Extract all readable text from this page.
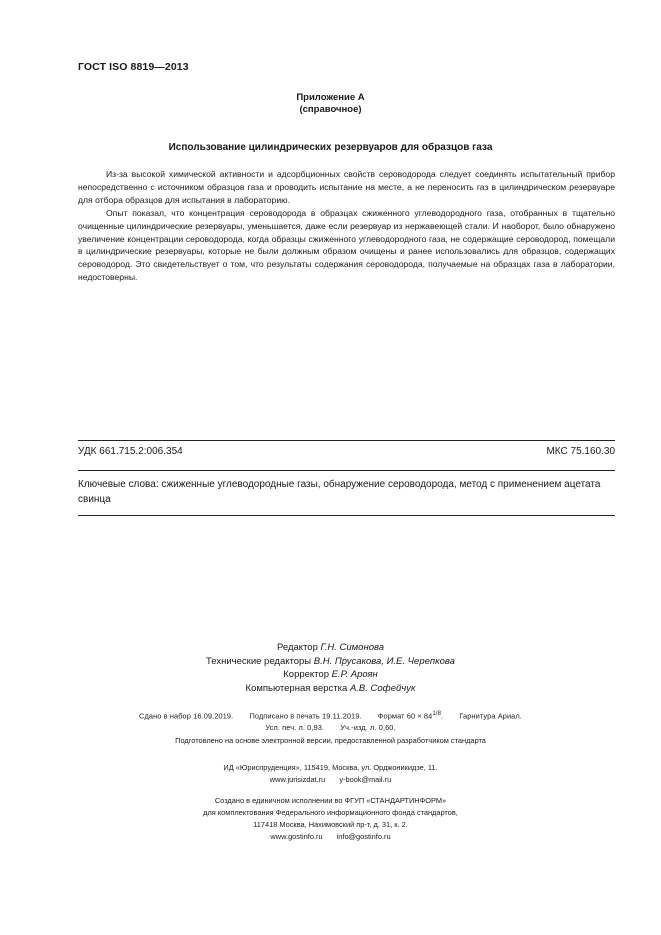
ГОСТ ISO 8819—2013
Приложение А
(справочное)
Использование цилиндрических резервуаров для образцов газа

Из-за высокой химической активности и адсорбционных свойств сероводорода следует соединять испытательный прибор непосредственно с источником образцов газа и проводить испытание на месте, а не переносить газ в цилиндрическом резервуаре для отбора образцов для испытания в лабораторию.

Опыт показал, что концентрация сероводорода в образцах сжиженного углеводородного газа, отобранных в тщательно очищенные цилиндрические резервуары, уменьшается, даже если резервуар из нержавеющей стали. И наоборот, было обнаружено увеличение концентрации сероводорода, когда образцы сжиженного углеводородного газа, не содержащие сероводород, помещали в цилиндрические резервуары, которые не были должным образом очищены и ранее использовались для образцов, содержащих сероводород. Это свидетельствует о том, что результаты содержания сероводорода, получаемые на образцах газа в лаборатории, недостоверны.

УДК 661.715.2:006.354	МКС 75.160.30
Ключевые слова: сжиженные углеводородные газы, обнаружение сероводорода, метод с применением ацетата свинца
Редактор Г.Н. Симонова
Технические редакторы В.Н. Прусакова, И.Е. Черепкова
Корректор Е.Р. Ароян
Компьютерная верстка А.В. Софейчук
Сдано в набор 16.09.2019. Подписано в печать 19.11.2019. Формат $60 \times 84^{1/8}$. Гарнитура Ариал.
Усл. печ. л. 0,93. Уч.-изд. л. 0,60.
Подготовлено на основе электронной версии, предоставленной разработчиком стандарта
ИД «Юриспруденция», 115419, Москва, ул. Орджоникидзе, 11.
www.jurisizdat.ru y-book@mail.ru
Создано в единичном исполнении во ФГУП «СТАНДАРТИНФОРМ»
для комплектования Федерального информационного фонда стандартов,
117418 Москва, Нахимовский пр-т, д. 31, к. 2.
www.gostinfo.ru info@gostinfo.ru
